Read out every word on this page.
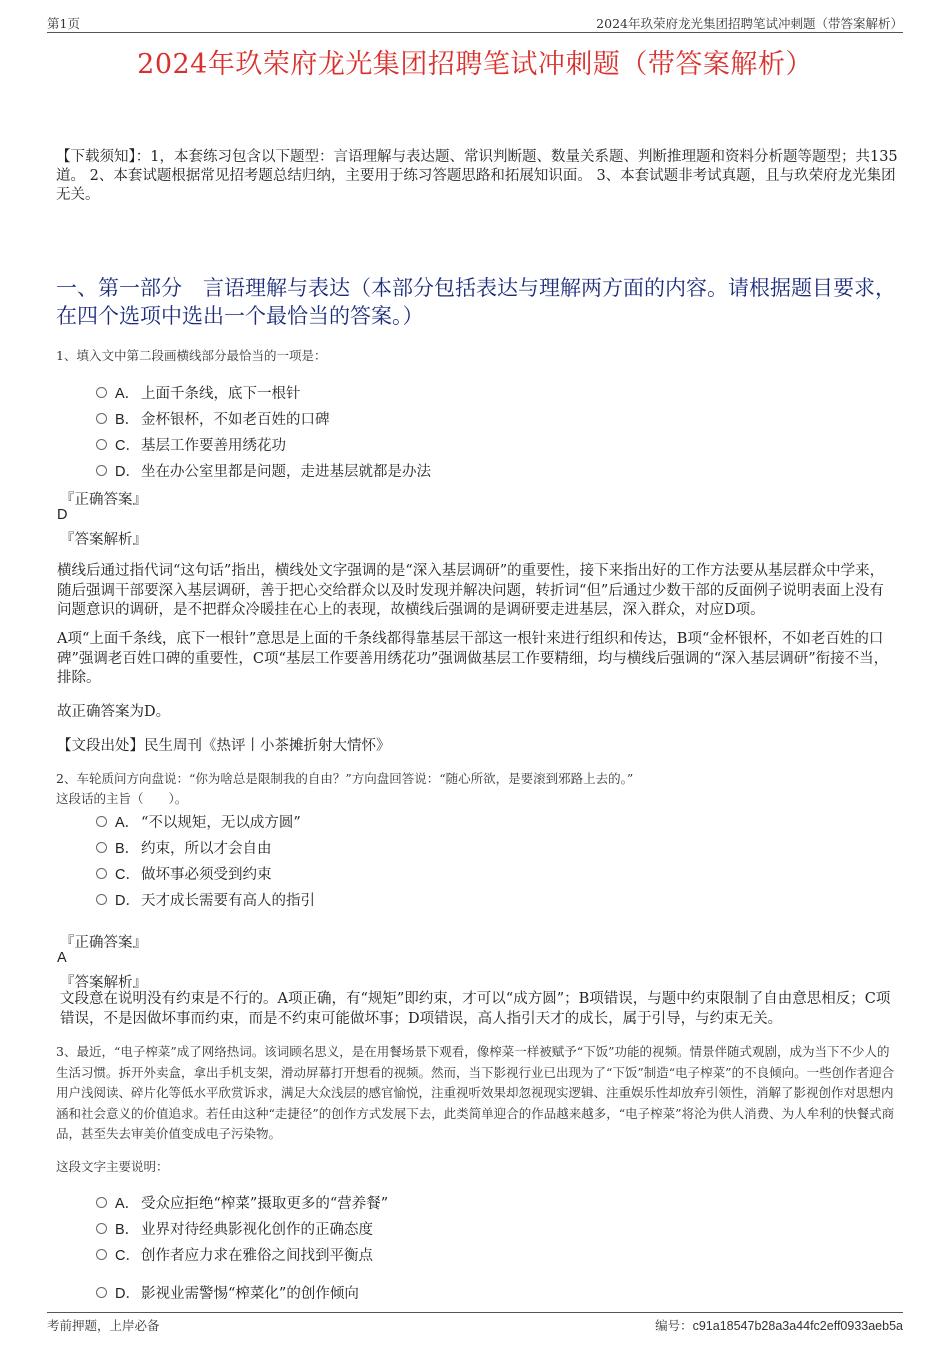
第1页	2024年玖荣府龙光集团招聘笔试冲刺题（带答案解析）
2024年玖荣府龙光集团招聘笔试冲刺题（带答案解析）
【下载须知】：1，本套练习包含以下题型：言语理解与表达题、常识判断题、数量关系题、判断推理题和资料分析题等题型；共135道。 2、本套试题根据常见招考题总结归纳，主要用于练习答题思路和拓展知识面。 3、本套试题非考试真题，且与玖荣府龙光集团无关。
一、第一部分　言语理解与表达（本部分包括表达与理解两方面的内容。请根据题目要求，在四个选项中选出一个最恰当的答案。）
1、填入文中第二段画横线部分最恰当的一项是：
A． 上面千条线，底下一根针
B． 金杯银杯，不如老百姓的口碑
C． 基层工作要善用绣花功
D． 坐在办公室里都是问题，走进基层就都是办法
『正确答案』
D
『答案解析』
横线后通过指代词“这句话”指出，横线处文字强调的是“深入基层调研”的重要性，接下来指出好的工作方法要从基层群众中学来，随后强调干部要深入基层调研，善于把心交给群众以及时发现并解决问题，转折词“但”后通过少数干部的反面例子说明表面上没有问题意识的调研，是不把群众冷暖挂在心上的表现，故横线后强调的是调研要走进基层，深入群众，对应D项。
A项“上面千条线，底下一根针”意思是上面的千条线都得靠基层干部这一根针来进行组织和传达，B项“金杯银杯，不如老百姓的口碑”强调老百姓口碑的重要性，C项“基层工作要善用绣花功”强调做基层工作要精细，均与横线后强调的“深入基层调研”衔接不当，排除。
故正确答案为D。
【文段出处】民生周刊《热评丨小茶摊折射大情怀》
2、车轮质问方向盘说：“你为啥总是限制我的自由？”方向盘回答说：“随心所欲，是要滚到邪路上去的。”
这段话的主旨（　　）。
A． “不以规矩，无以成方圆”
B． 约束，所以才会自由
C． 做坏事必须受到约束
D． 天才成长需要有高人的指引
『正确答案』
A
『答案解析』
文段意在说明没有约束是不行的。A项正确，有“规矩”即约束，才可以“成方圆”；B项错误，与题中约束限制了自由意思相反；C项错误，不是因做坏事而约束，而是不约束可能做坏事；D项错误，高人指引天才的成长，属于引导，与约束无关。
3、最近，“电子榨菜”成了网络热词。该词顾名思义，是在用餐场景下观看，像榨菜一样被赋予“下饭”功能的视频。情景伴随式观剧，成为当下不少人的生活习惯。拆开外卖盒，拿出手机支架，滑动屏幕打开想看的视频。然而，当下影视行业已出现为了“下饭”制造“电子榨菜”的不良倾向。一些创作者迎合用户浅阅读、碎片化等低水平欣赏诉求，满足大众浅层的感官愉悦，注重视听效果却忽视现实逻辑、注重娱乐性却放弃引领性，消解了影视创作对思想内涵和社会意义的价值追求。若任由这种“走捷径”的创作方式发展下去，此类简单迎合的作品越来越多，“电子榨菜”将沦为供人消费、为人牟利的快餐式商品，甚至失去审美价值变成电子污染物。
这段文字主要说明：
A． 受众应拒绝“榨菜”摄取更多的“营养餐”
B． 业界对待经典影视化创作的正确态度
C． 创作者应力求在雅俗之间找到平衡点
D． 影视业需警惕“榨菜化”的创作倾向
考前押题，上岸必备	编号：c91a18547b28a3a44fc2eff0933aeb5a
